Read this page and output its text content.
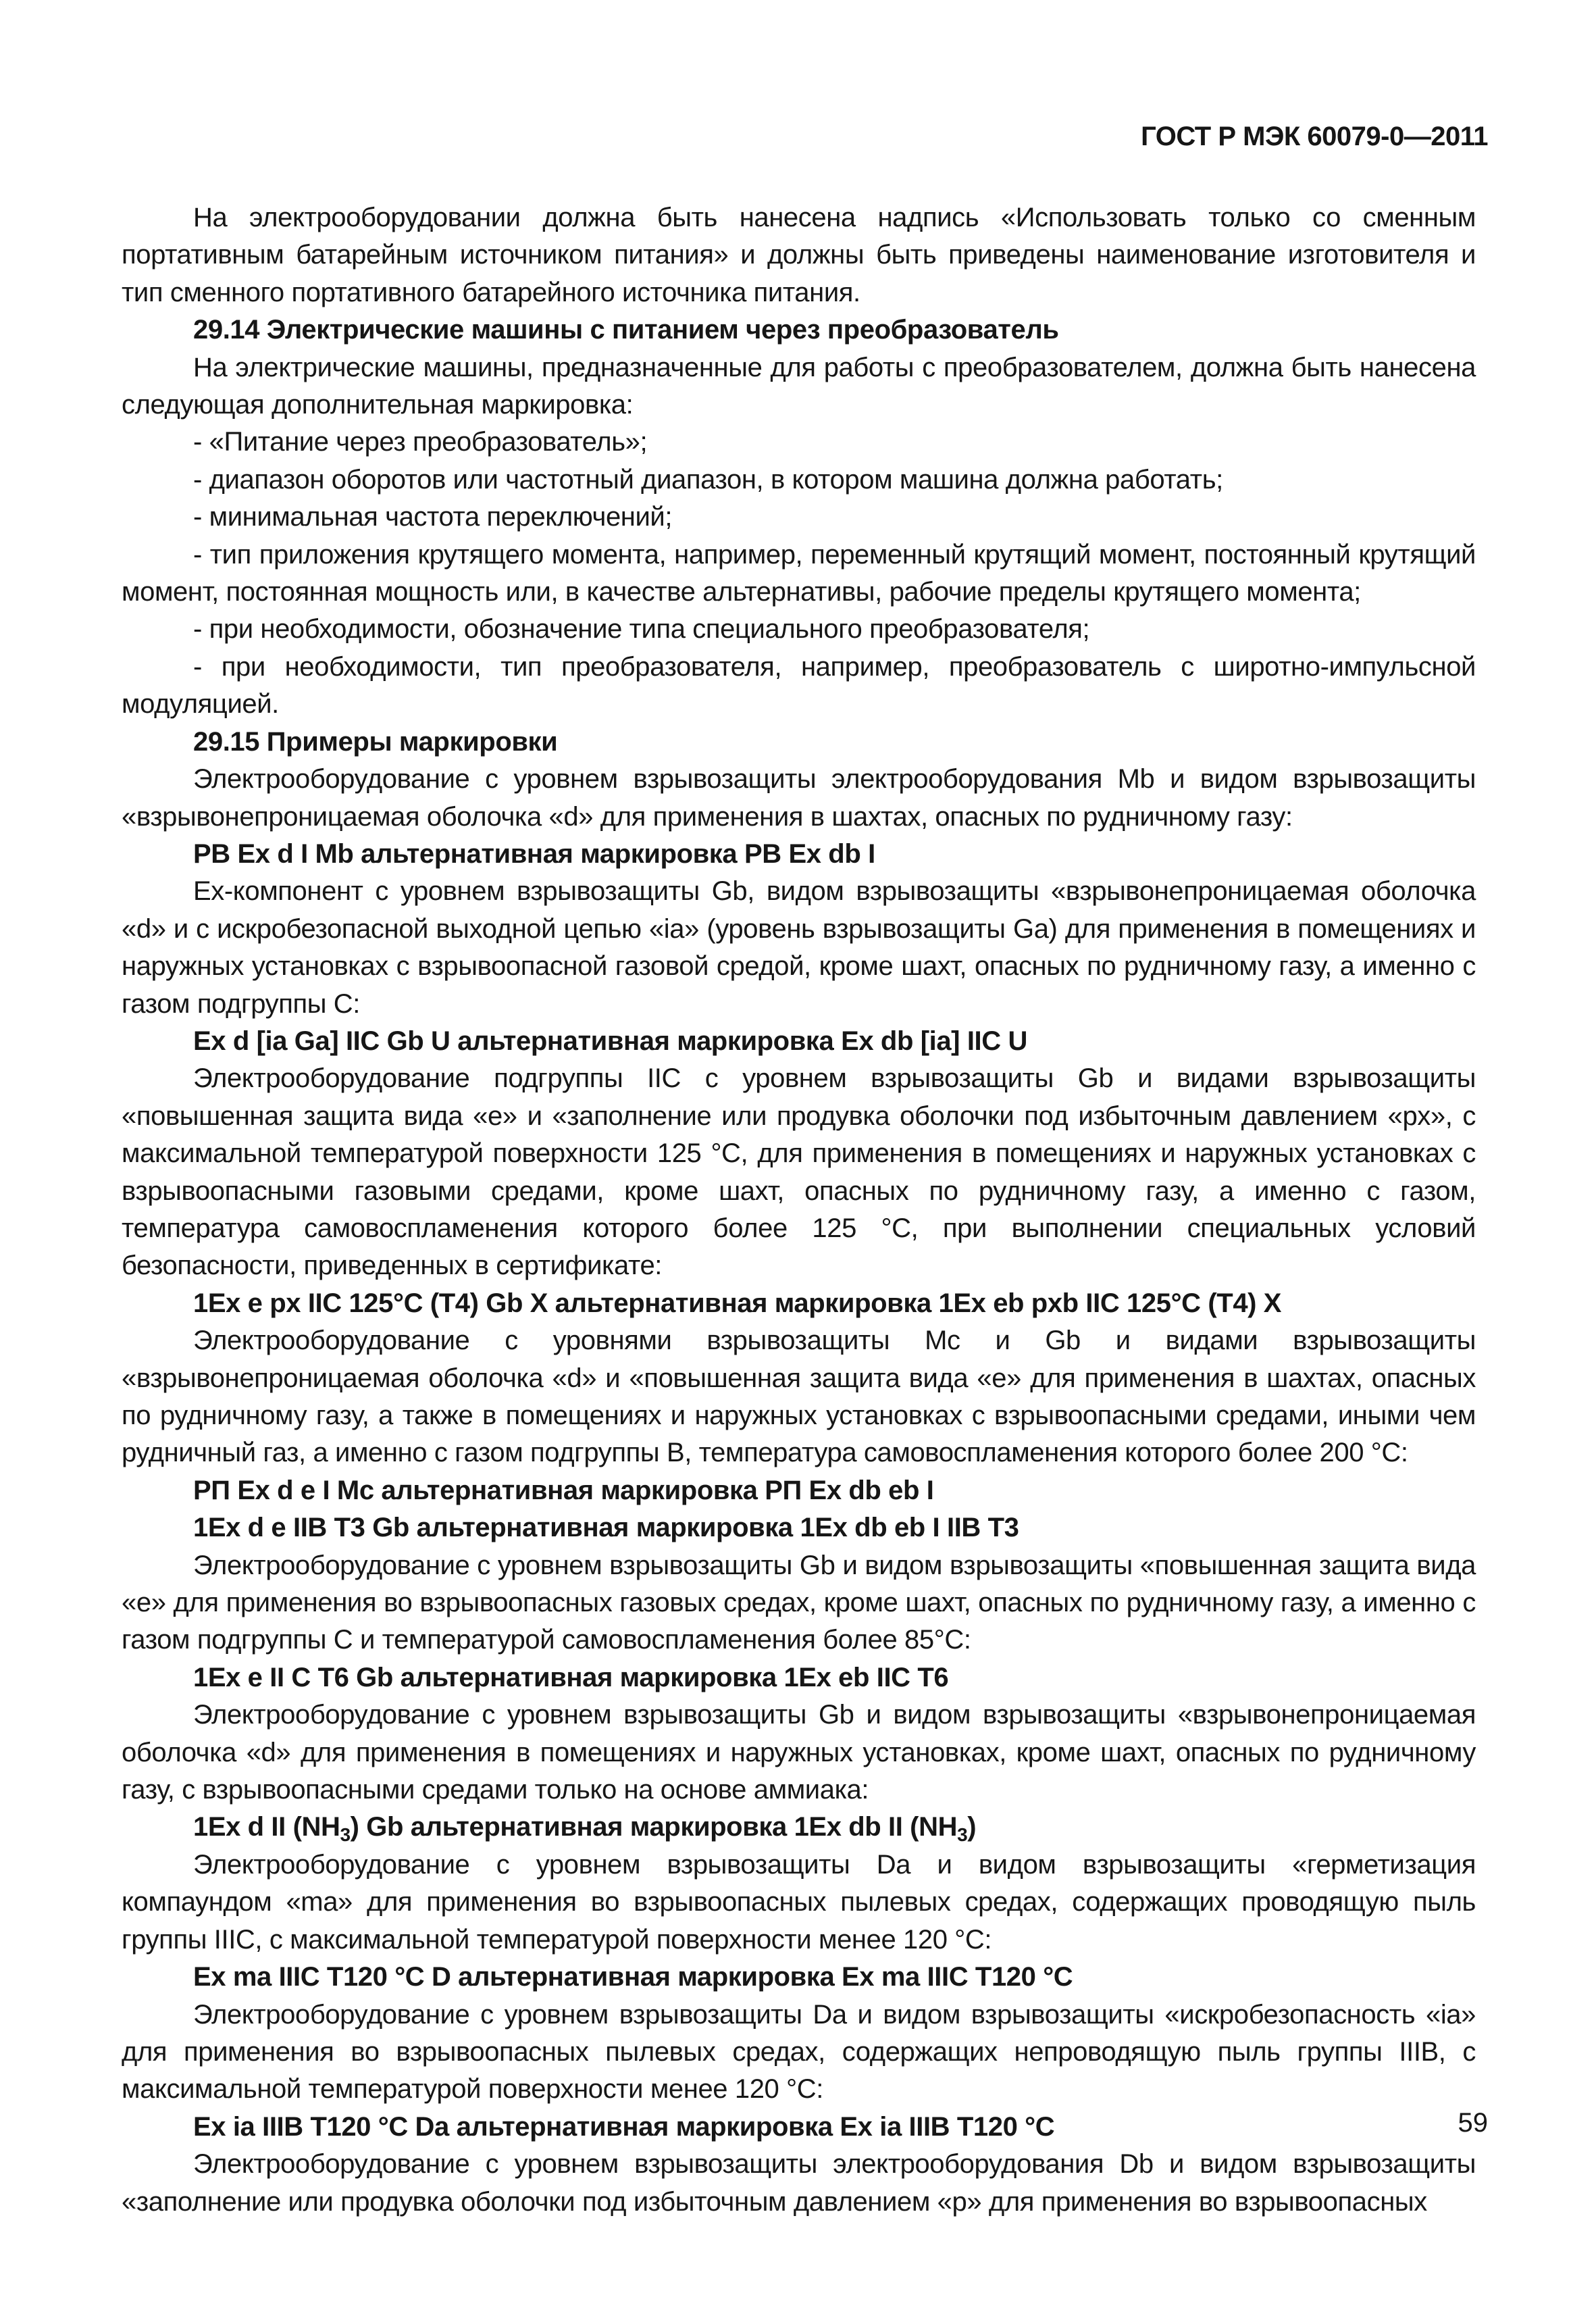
ГОСТ Р МЭК 60079-0—2011

На электрооборудовании должна быть нанесена надпись «Использовать только со сменным портативным батарейным источником питания» и должны быть приведены наименование изготовителя и тип сменного портативного батарейного источника питания.

29.14 Электрические машины с питанием через преобразователь

На электрические машины, предназначенные для работы с преобразователем, должна быть нанесена следующая дополнительная маркировка:

- «Питание через преобразователь»;

- диапазон оборотов или частотный диапазон, в котором машина должна работать;

- минимальная частота переключений;

- тип приложения крутящего момента, например, переменный крутящий момент, постоянный крутящий момент, постоянная мощность или, в качестве альтернативы, рабочие пределы крутящего момента;

- при необходимости, обозначение типа специального преобразователя;

- при необходимости, тип преобразователя, например, преобразователь с широтно-импульсной модуляцией.

29.15 Примеры маркировки

Электрооборудование с уровнем взрывозащиты электрооборудования Mb и видом взрывозащиты «взрывонепроницаемая оболочка «d» для применения в шахтах, опасных по рудничному газу:

PB Ex d I Mb альтернативная маркировка PB Ex db I

Ex-компонент с уровнем взрывозащиты Gb, видом взрывозащиты «взрывонепроницаемая оболочка «d» и с искробезопасной выходной цепью «ia» (уровень взрывозащиты Ga) для применения в помещениях и наружных установках с взрывоопасной газовой средой, кроме шахт, опасных по рудничному газу, а именно с газом подгруппы С:

Ex d [ia Ga] IIC Gb U альтернативная маркировка Ex db [ia] IIC U

Электрооборудование подгруппы IIC с уровнем взрывозащиты Gb и видами взрывозащиты «повышенная защита вида «е» и «заполнение или продувка оболочки под избыточным давлением «px», с максимальной температурой поверхности 125 °С, для применения в помещениях и наружных установках с взрывоопасными газовыми средами, кроме шахт, опасных по рудничному газу, а именно с газом, температура самовоспламенения которого более 125 °С, при выполнении специальных условий безопасности, приведенных в сертификате:

1Ex e px IIC 125°C (T4) Gb X альтернативная маркировка 1Ex eb pxb IIC 125°C (T4) X

Электрооборудование с уровнями взрывозащиты Mc и Gb и видами взрывозащиты «взрывонепроницаемая оболочка «d» и «повышенная защита вида «е» для применения в шахтах, опасных по рудничному газу, а также в помещениях и наружных установках с взрывоопасными средами, иными чем рудничный газ, а именно с газом подгруппы В, температура самовоспламенения которого более 200 °С:

РП Ex d e I Mc альтернативная маркировка РП Ex db eb I

1Ex d e IIB T3 Gb альтернативная маркировка 1Ex db eb I IIB T3

Электрооборудование с уровнем взрывозащиты Gb и видом взрывозащиты «повышенная защита вида «е» для применения во взрывоопасных газовых средах, кроме шахт, опасных по рудничному газу, а именно с газом подгруппы С и температурой самовоспламенения более 85°С:

1Ex e II C T6 Gb альтернативная маркировка 1Ex eb IIC T6

Электрооборудование с уровнем взрывозащиты Gb и видом взрывозащиты «взрывонепроницаемая оболочка «d» для применения в помещениях и наружных установках, кроме шахт, опасных по рудничному газу, с взрывоопасными средами только на основе аммиака:

1Ex d II $(NH_3)$ Gb альтернативная маркировка 1Ex db II $(NH_3)$

Электрооборудование с уровнем взрывозащиты Da и видом взрывозащиты «герметизация компаундом «ma» для применения во взрывоопасных пылевых средах, содержащих проводящую пыль группы IIIC, с максимальной температурой поверхности менее 120 °С:

Ex ma IIIC T120 °C D альтернативная маркировка Ex ma IIIC T120 °C

Электрооборудование с уровнем взрывозащиты Da и видом взрывозащиты «искробезопасность «ia» для применения во взрывоопасных пылевых средах, содержащих непроводящую пыль группы IIIB, с максимальной температурой поверхности менее 120 °С:

Ex ia IIIB T120 °C Da альтернативная маркировка Ex ia IIIB T120 °C

Электрооборудование с уровнем взрывозащиты электрооборудования Db и видом взрывозащиты «заполнение или продувка оболочки под избыточным давлением «р» для применения во взрывоопасных

59
